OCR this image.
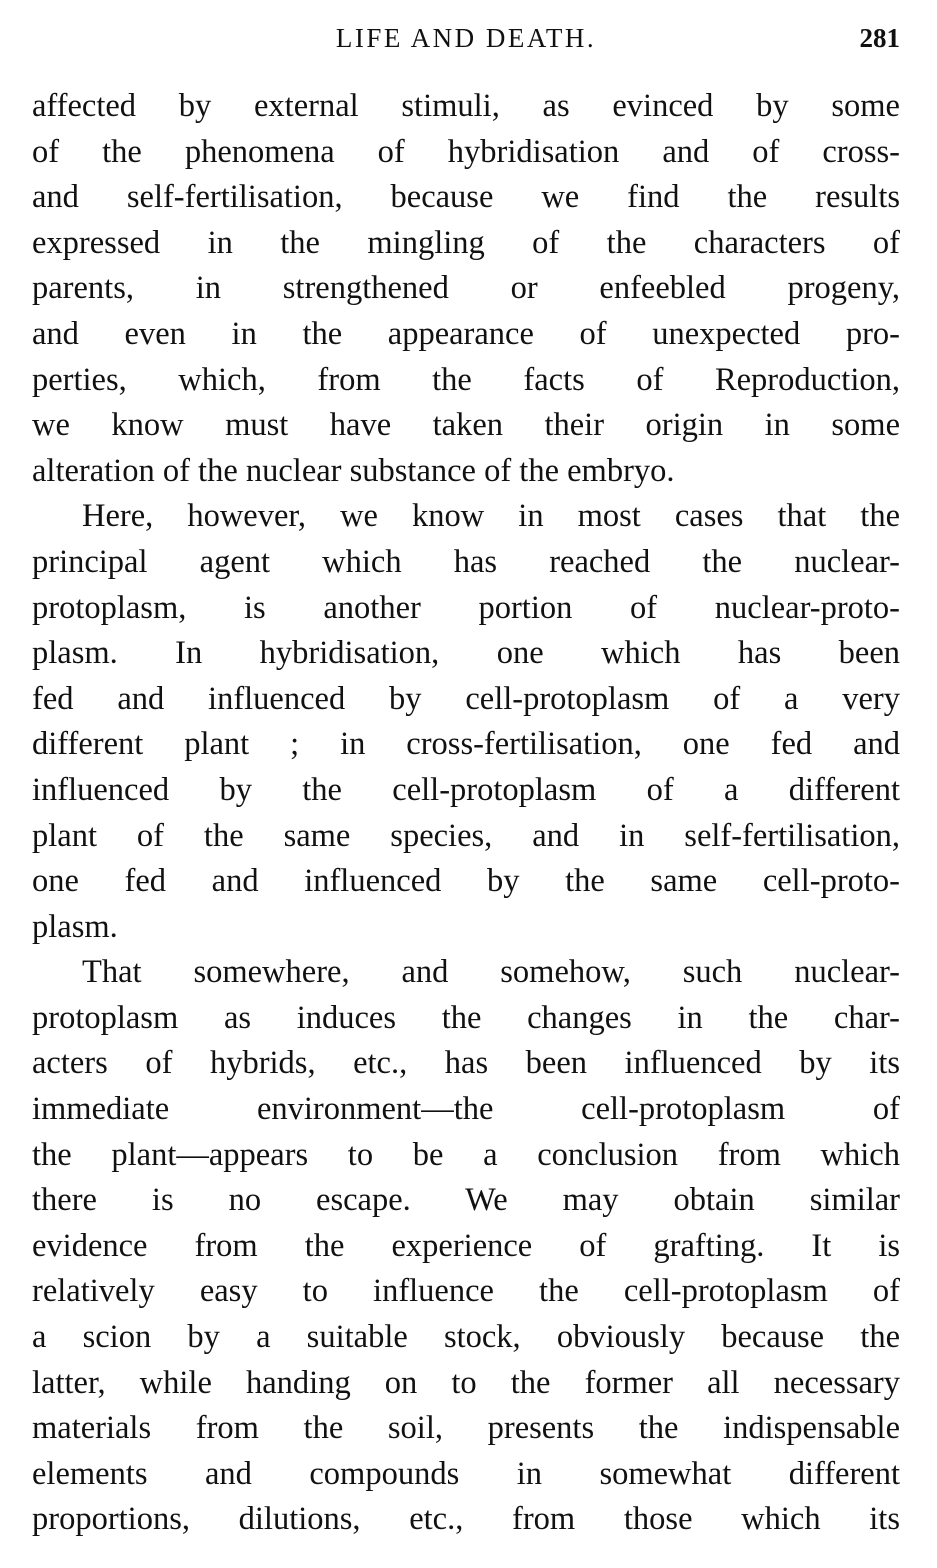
LIFE AND DEATH.	281
affected by external stimuli, as evinced by some
of the phenomena of hybridisation and of cross-
and self-fertilisation, because we find the results
expressed in the mingling of the characters of
parents, in strengthened or enfeebled progeny,
and even in the appearance of unexpected pro-
perties, which, from the facts of Reproduction,
we know must have taken their origin in some
alteration of the nuclear substance of the embryo.
Here, however, we know in most cases that the
principal agent which has reached the nuclear-
protoplasm, is another portion of nuclear-proto-
plasm. In hybridisation, one which has been
fed and influenced by cell-protoplasm of a very
different plant ; in cross-fertilisation, one fed and
influenced by the cell-protoplasm of a different
plant of the same species, and in self-fertilisation,
one fed and influenced by the same cell-proto-
plasm.
That somewhere, and somehow, such nuclear-
protoplasm as induces the changes in the char-
acters of hybrids, etc., has been influenced by its
immediate environment—the cell-protoplasm of
the plant—appears to be a conclusion from which
there is no escape. We may obtain similar
evidence from the experience of grafting. It is
relatively easy to influence the cell-protoplasm of
a scion by a suitable stock, obviously because the
latter, while handing on to the former all necessary
materials from the soil, presents the indispensable
elements and compounds in somewhat different
proportions, dilutions, etc., from those which its
